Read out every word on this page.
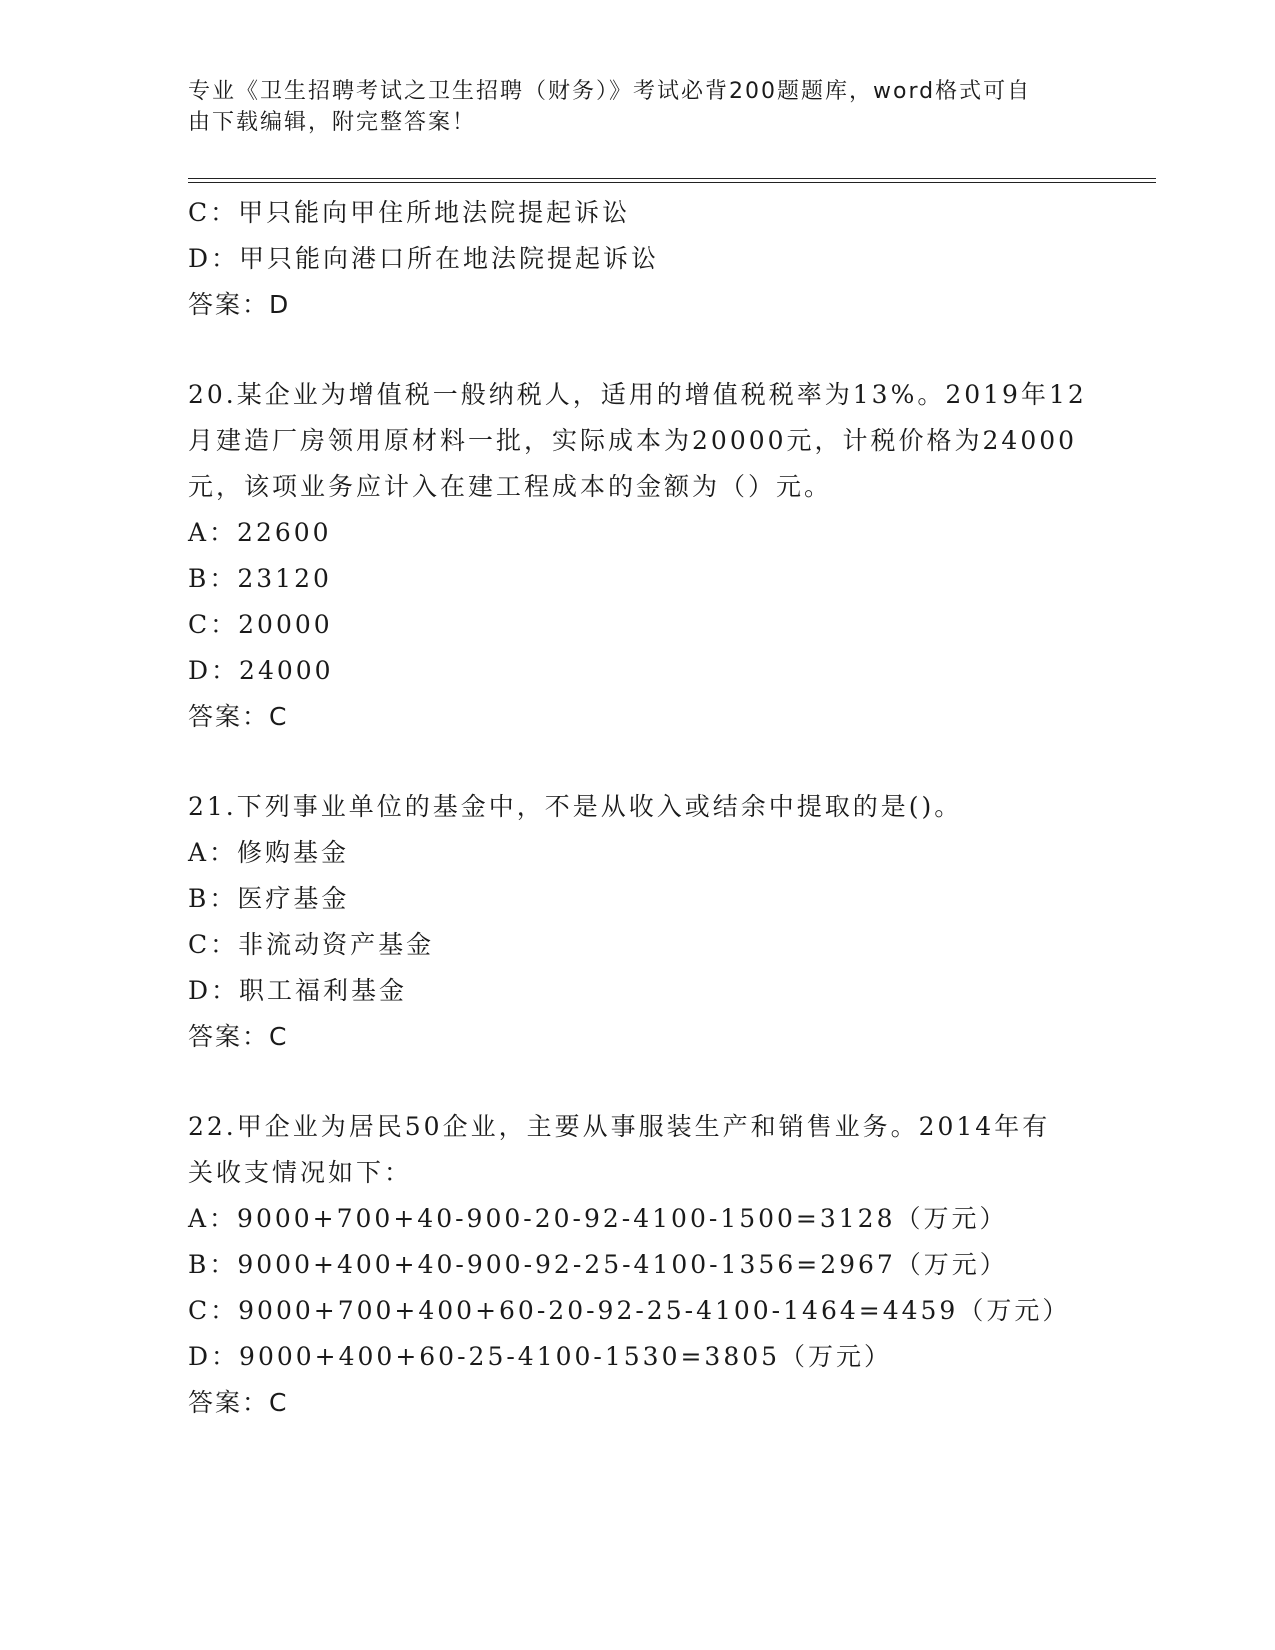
专业《卫生招聘考试之卫生招聘（财务）》考试必背200题题库，word格式可自
由下载编辑，附完整答案！
C：甲只能向甲住所地法院提起诉讼
D：甲只能向港口所在地法院提起诉讼
答案：D
20.某企业为增值税一般纳税人，适用的增值税税率为13%。2019年12
月建造厂房领用原材料一批，实际成本为20000元，计税价格为24000
元，该项业务应计入在建工程成本的金额为（）元。
A：22600
B：23120
C：20000
D：24000
答案：C
21.下列事业单位的基金中，不是从收入或结余中提取的是()。
A：修购基金
B：医疗基金
C：非流动资产基金
D：职工福利基金
答案：C
22.甲企业为居民50企业，主要从事服装生产和销售业务。2014年有
关收支情况如下：
A：9000+700+40-900-20-92-4100-1500=3128（万元）
B：9000+400+40-900-92-25-4100-1356=2967（万元）
C：9000+700+400+60-20-92-25-4100-1464=4459（万元）
D：9000+400+60-25-4100-1530=3805（万元）
答案：C
